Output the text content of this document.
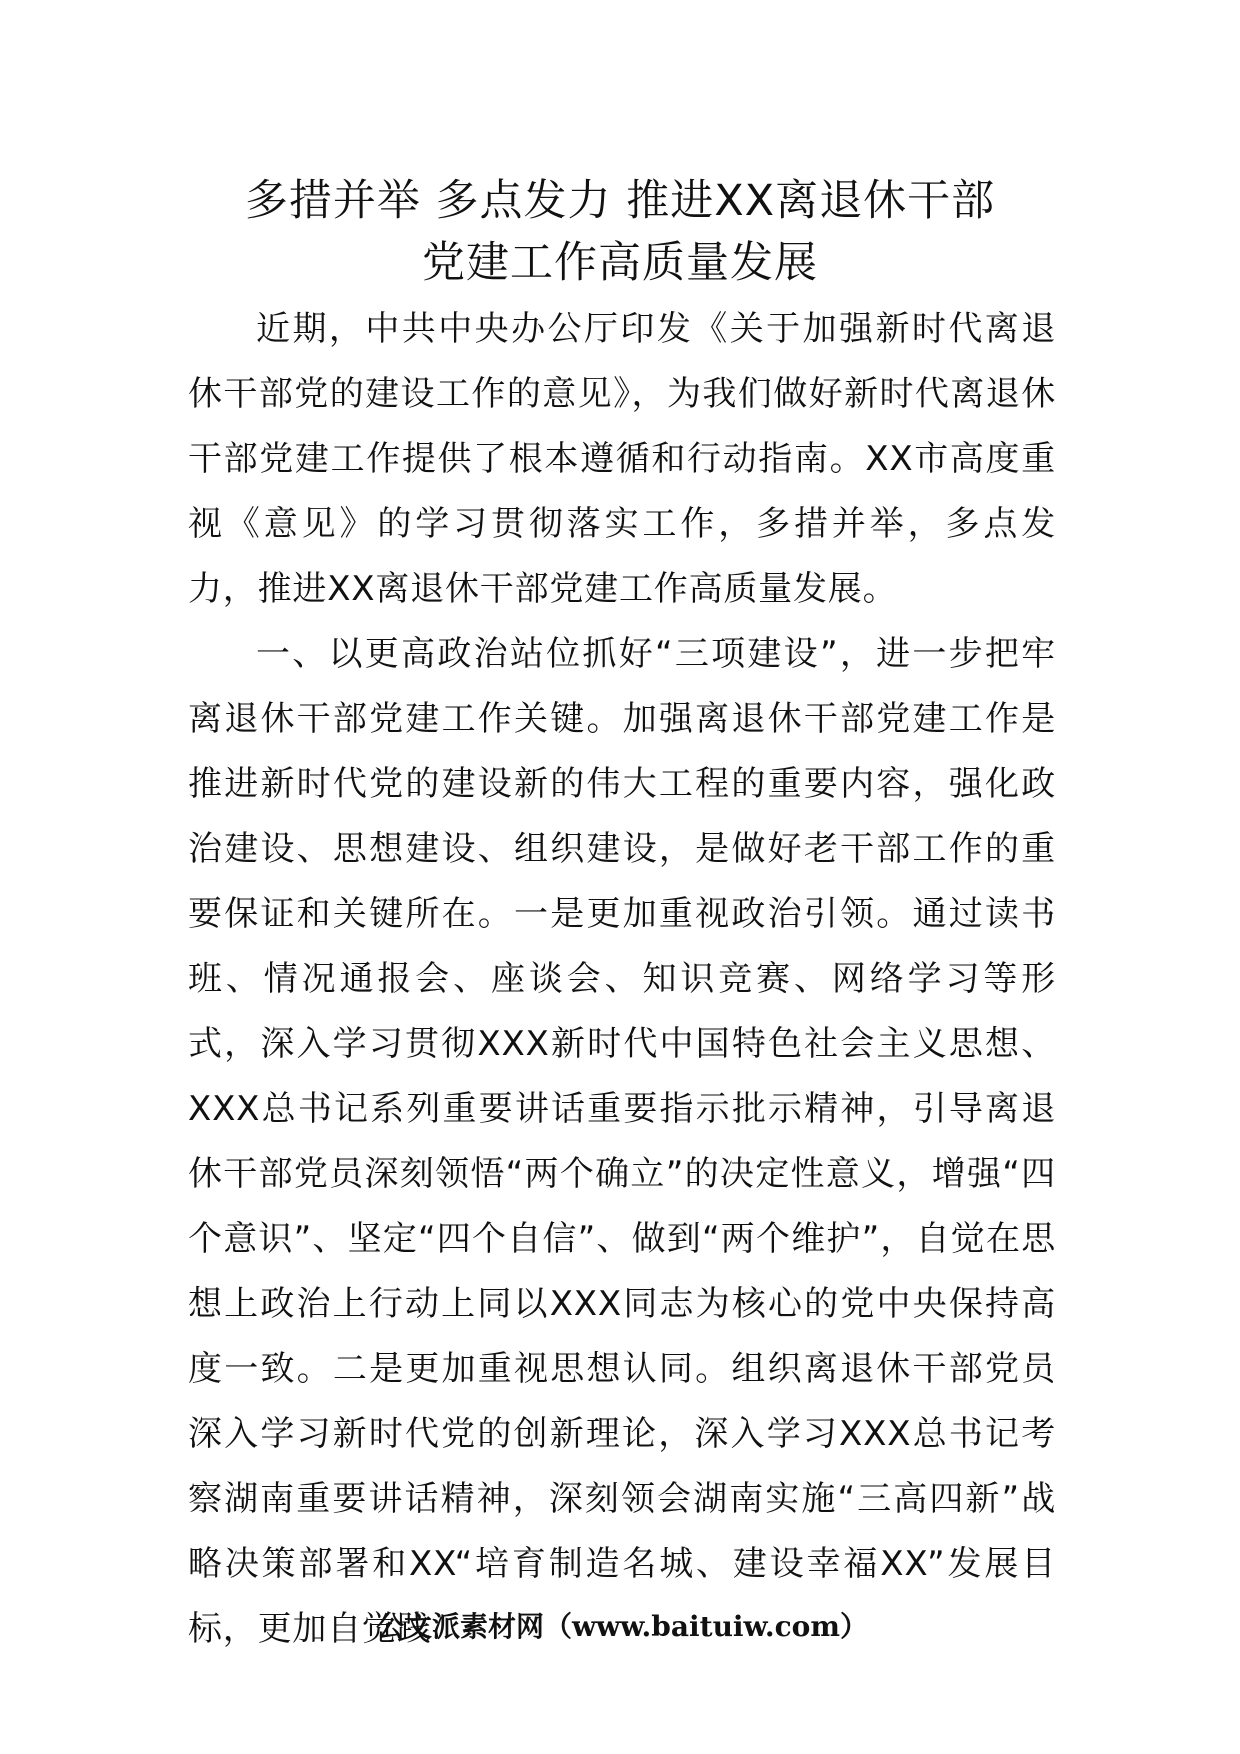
多措并举 多点发力 推进XX离退休干部
党建工作高质量发展

近期，中共中央办公厅印发《关于加强新时代离退休干部党的建设工作的意见》，为我们做好新时代离退休干部党建工作提供了根本遵循和行动指南。XX市高度重视《意见》的学习贯彻落实工作，多措并举，多点发力，推进XX离退休干部党建工作高质量发展。

一、以更高政治站位抓好“三项建设”，进一步把牢离退休干部党建工作关键。加强离退休干部党建工作是推进新时代党的建设新的伟大工程的重要内容，强化政治建设、思想建设、组织建设，是做好老干部工作的重要保证和关键所在。一是更加重视政治引领。通过读书班、情况通报会、座谈会、知识竞赛、网络学习等形式，深入学习贯彻XXX新时代中国特色社会主义思想、XXX总书记系列重要讲话重要指示批示精神，引导离退休干部党员深刻领悟“两个确立”的决定性意义，增强“四个意识”、坚定“四个自信”、做到“两个维护”，自觉在思想上政治上行动上同以XXX同志为核心的党中央保持高度一致。二是更加重视思想认同。组织离退休干部党员深入学习新时代党的创新理论，深入学习XXX总书记考察湖南重要讲话精神，深刻领会湖南实施“三高四新”战略决策部署和XX“培育制造名城、建设幸福XX”发展目标，更加自觉践

公文派素材网（www.baituiw.com）
